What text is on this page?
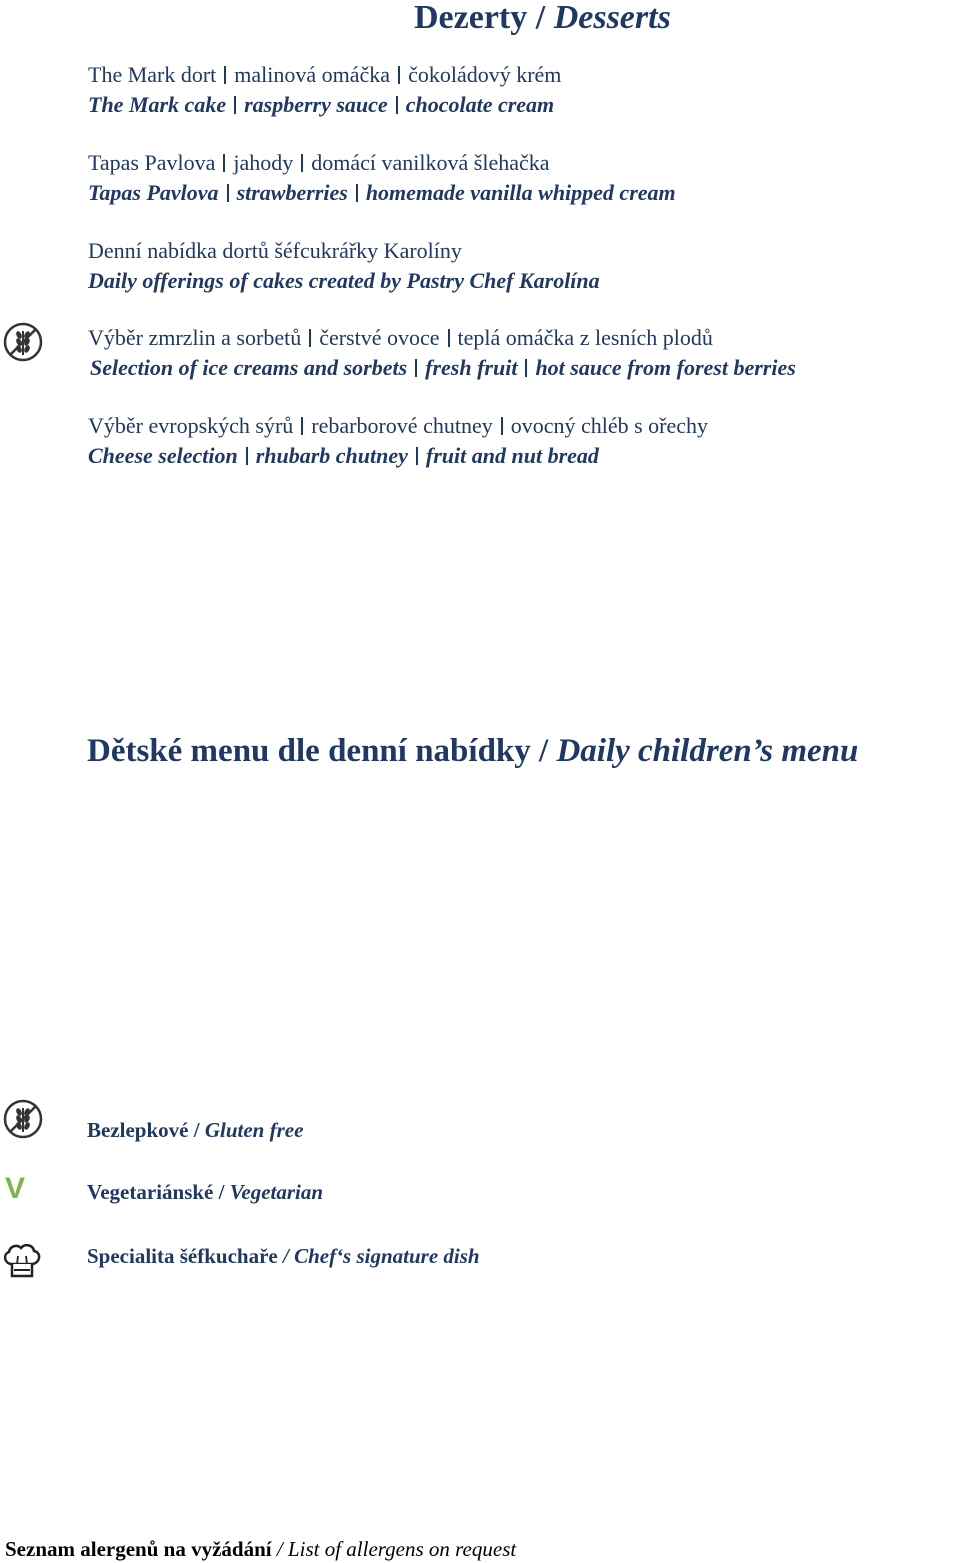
Dezerty / Desserts
The Mark dort malinová omáčka čokoládový krém
The Mark cake raspberry sauce chocolate cream
Tapas Pavlova jahody domácí vanilková šlehačka
Tapas Pavlova strawberries homemade vanilla whipped cream
Denní nabídka dortů šéfcukrářky Karolíny
Daily offerings of cakes created by Pastry Chef Karolína
Výběr zmrzlin a sorbetů čerstvé ovoce teplá omáčka z lesních plodů
Selection of ice creams and sorbets fresh fruit hot sauce from forest berries
Výběr evropských sýrů rebarborové chutney ovocný chléb s ořechy
Cheese selection rhubarb chutney fruit and nut bread
Dětské menu dle denní nabídky / Daily children’s menu
Bezlepkové / Gluten free
V	Vegetariánské / Vegetarian
Specialita šéfkuchaře / Chef‘s signature dish
Seznam alergenů na vyžádání / List of allergens on request
